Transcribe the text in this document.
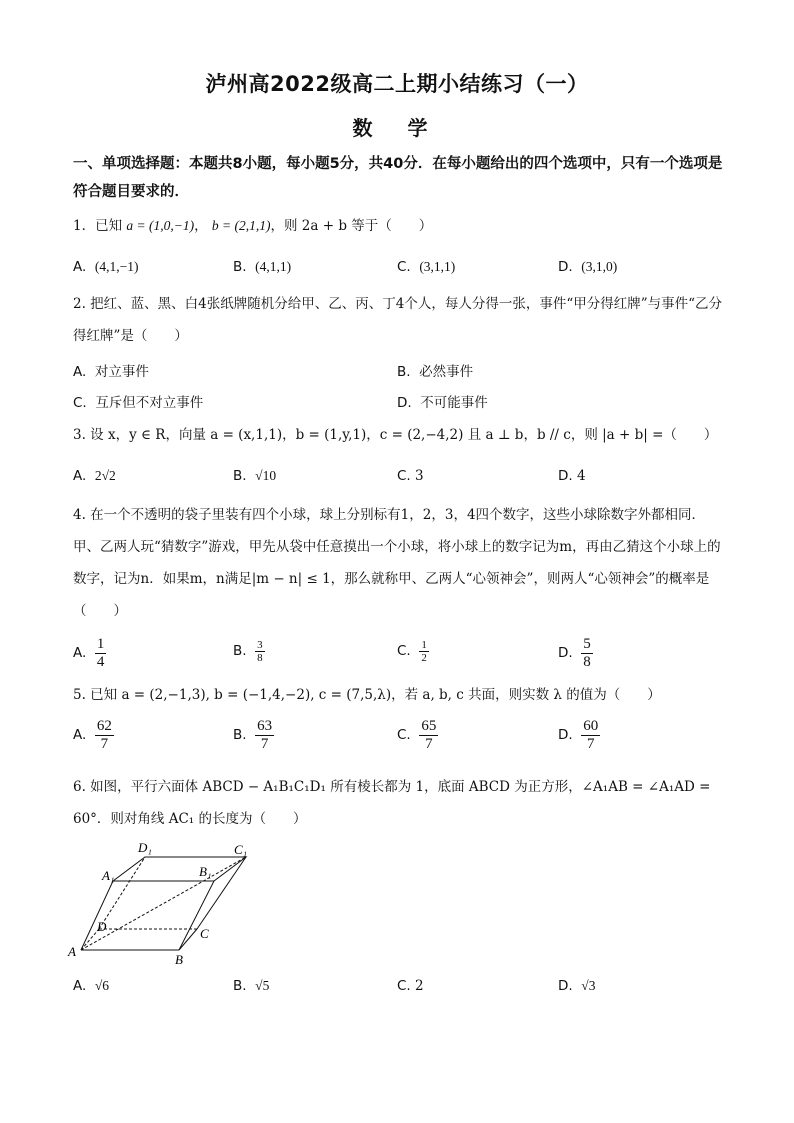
泸州高2022级高二上期小结练习（一）
数 学
一、单项选择题：本题共8小题，每小题5分，共40分．在每小题给出的四个选项中，只有一个选项是符合题目要求的．
1．已知 a = (1,0,−1)， b = (2,1,1)，则 2a + b 等于（　　）
A. (4,1,−1)	B. (4,1,1)	C. (3,1,1)	D. (3,1,0)
2. 把红、蓝、黑、白4张纸牌随机分给甲、乙、丙、丁4个人，每人分得一张，事件“甲分得红牌”与事件“乙分得红牌”是（　　）
A. 对立事件	B. 必然事件
C. 互斥但不对立事件	D. 不可能事件
3. 设 x，y ∈ R，向量 a = (x,1,1)，b = (1,y,1)，c = (2,−4,2) 且 a ⊥ b，b // c，则 |a + b| =（　　）
A. 2√2	B. √10	C. 3	D. 4
4. 在一个不透明的袋子里装有四个小球，球上分别标有1，2，3，4四个数字，这些小球除数字外都相同．甲、乙两人玩“猜数字”游戏，甲先从袋中任意摸出一个小球，将小球上的数字记为m，再由乙猜这个小球上的数字，记为n．如果m，n满足|m − n| ≤ 1，那么就称甲、乙两人“心领神会”，则两人“心领神会”的概率是（　　）
A. $\frac{1}{4}$	B. $\frac{3}{8}$	C. $\frac{1}{2}$	D. $\frac{5}{8}$
5. 已知 a = (2,−1,3), b = (−1,4,−2), c = (7,5,λ)，若 a, b, c 共面，则实数 λ 的值为（　　）
A. $\frac{62}{7}$	B. $\frac{63}{7}$	C. $\frac{65}{7}$	D. $\frac{60}{7}$
6. 如图，平行六面体 ABCD − A₁B₁C₁D₁ 所有棱长都为 1，底面 ABCD 为正方形，∠A₁AB = ∠A₁AD = 60°．则对角线 AC₁ 的长度为（　　）
A
B
C
D
A₁	B₁
C₁
D₁
A. √6	B. √5	C. 2	D. √3
